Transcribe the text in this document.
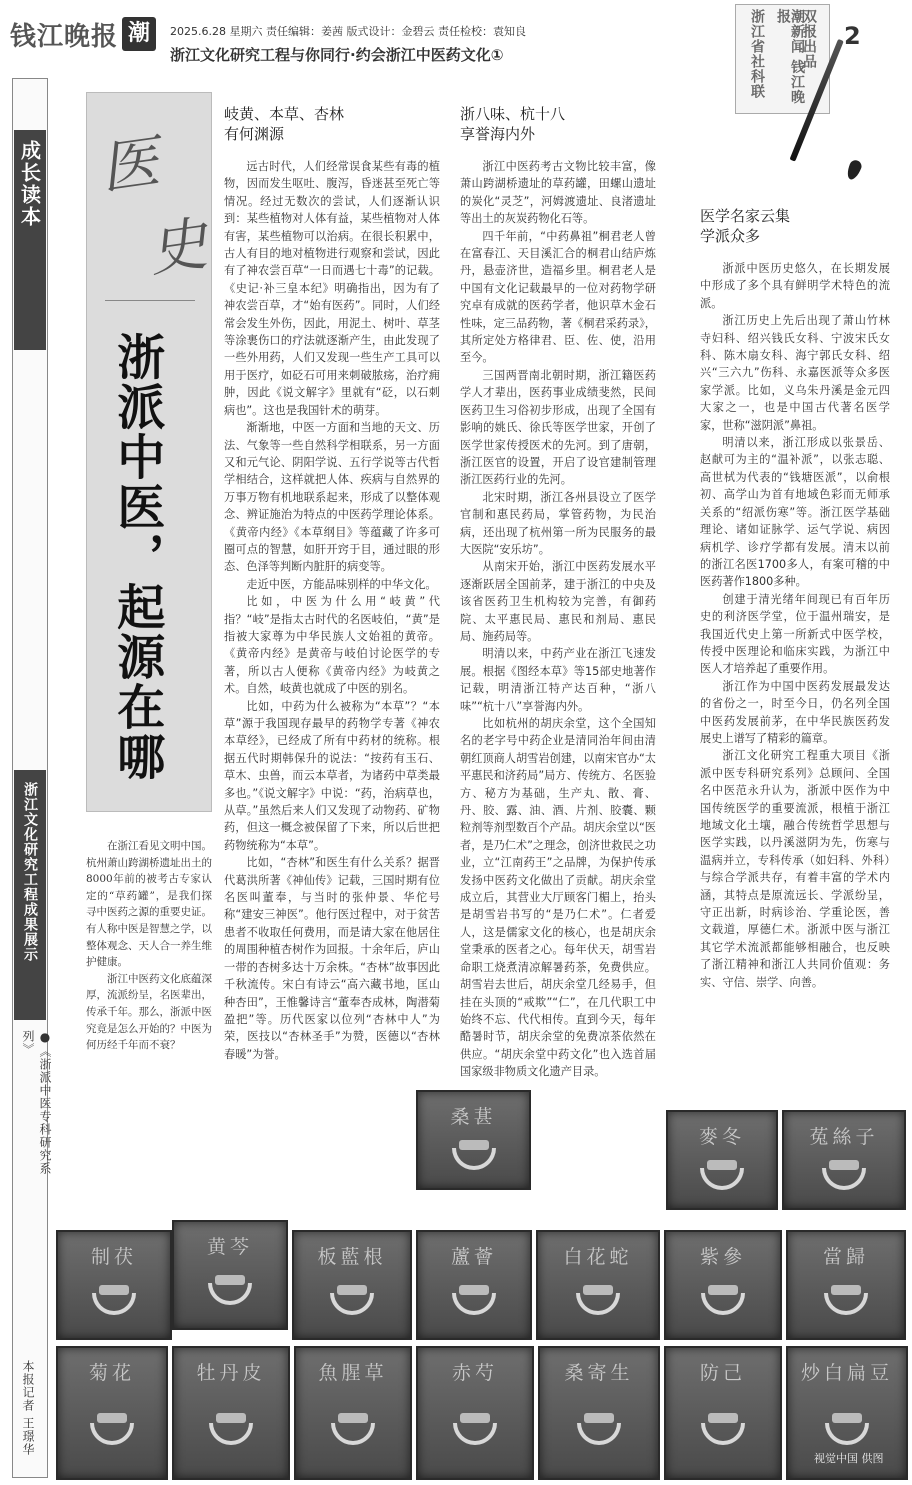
钱江晚报 潮	2025.6.28 星期六 责任编辑：姜茜 版式设计：金碧云 责任检校：袁知良
浙江文化研究工程与你同行·约会浙江中医药文化①	双报出品
潮新闻 钱江晚报
浙江省社科联	2
成长读本
浙江文化研究工程成果展示
●《浙派中医专科研究系列》
本报记者 王璟华
医
史
浙派中医，起源在哪

在浙江看见文明中国。杭州萧山跨湖桥遗址出土的8000年前的被考古专家认定的“草药罐”，是我们探寻中医药之源的重要史证。有人称中医是智慧之学，以整体观念、天人合一养生维护健康。

浙江中医药文化底蕴深厚，流派纷呈，名医辈出，传承千年。那么，浙派中医究竟是怎么开始的？中医为何历经千年而不衰？

岐黄、本草、杏林
有何渊源

远古时代，人们经常误食某些有毒的植物，因而发生呕吐、腹泻，昏迷甚至死亡等情况。经过无数次的尝试，人们逐渐认识到：某些植物对人体有益，某些植物对人体有害，某些植物可以治病。在很长积累中，古人有目的地对植物进行观察和尝试，因此有了神农尝百草“一日而遇七十毒”的记载。《史记·补三皇本纪》明确指出，因为有了神农尝百草，才“始有医药”。同时，人们经常会发生外伤，因此，用泥土、树叶、草茎等涂裹伤口的疗法就逐渐产生，由此发现了一些外用药，人们又发现一些生产工具可以用于医疗，如砭石可用来刺破脓疡，治疗痈肿，因此《说文解字》里就有“砭，以石刺病也”。这也是我国针术的萌芽。

渐渐地，中医一方面和当地的天文、历法、气象等一些自然科学相联系，另一方面又和元气论、阴阳学说、五行学说等古代哲学相结合，这样就把人体、疾病与自然界的万事万物有机地联系起来，形成了以整体观念、辨证施治为特点的中医药学理论体系。《黄帝内经》《本草纲目》等蕴藏了许多可圈可点的智慧，如肝开窍于目，通过眼的形态、色泽等判断内脏肝的病变等。

走近中医，方能品味别样的中华文化。

比如，中医为什么用“岐黄”代指？“岐”是指太古时代的名医岐伯，“黄”是指被大家尊为中华民族人文始祖的黄帝。《黄帝内经》是黄帝与岐伯讨论医学的专著，所以古人便称《黄帝内经》为岐黄之术。自然，岐黄也就成了中医的别名。

比如，中药为什么被称为“本草”？“本草”源于我国现存最早的药物学专著《神农本草经》，已经成了所有中药材的统称。根据五代时期韩保升的说法：“按药有玉石、草木、虫兽，而云本草者，为诸药中草类最多也。”《说文解字》中说：“药，治病草也，从草。”虽然后来人们又发现了动物药、矿物药，但这一概念被保留了下来，所以后世把药物统称为“本草”。

比如，“杏林”和医生有什么关系？据晋代葛洪所著《神仙传》记载，三国时期有位名医叫董奉，与当时的张仲景、华佗号称“建安三神医”。他行医过程中，对于贫苦患者不收取任何费用，而是请大家在他居住的周围种植杏树作为回报。十余年后，庐山一带的杏树多达十万余株。“杏林”故事因此千秋流传。宋白有诗云“高六藏书地，匡山种杏田”，王惟馨诗言“董奉杏成林，陶潜菊盈把”等。历代医家以位列“杏林中人”为荣，医技以“杏林圣手”为赞，医德以“杏林春暖”为誉。

浙八味、杭十八
享誉海内外

浙江中医药考古文物比较丰富，像萧山跨湖桥遗址的草药罐，田螺山遗址的炭化“灵芝”，河姆渡遗址、良渚遗址等出土的灰炭药物化石等。

四千年前，“中药鼻祖”桐君老人曾在富春江、天目溪汇合的桐君山结庐炼丹，悬壶济世，造福乡里。桐君老人是中国有文化记载最早的一位对药物学研究卓有成就的医药学者，他识草木金石性味，定三品药物，著《桐君采药录》，其所定处方格律君、臣、佐、使，沿用至今。

三国两晋南北朝时期，浙江籍医药学人才辈出，医药事业成绩斐然，民间医药卫生习俗初步形成，出现了全国有影响的姚氏、徐氏等医学世家，开创了医学世家传授医术的先河。到了唐朝，浙江医官的设置，开启了设官建制管理浙江医药行业的先河。

北宋时期，浙江各州县设立了医学官制和惠民药局，掌管药物，为民治病，还出现了杭州第一所为民服务的最大医院“安乐坊”。

从南宋开始，浙江中医药发展水平逐渐跃居全国前茅，建于浙江的中央及该省医药卫生机构较为完善，有御药院、太平惠民局、惠民和剂局、惠民局、施药局等。

明清以来，中药产业在浙江飞速发展。根据《图经本草》等15部史地著作记载，明清浙江特产达百种，“浙八味”“杭十八”享誉海内外。

比如杭州的胡庆余堂，这个全国知名的老字号中药企业是清同治年间由清朝红顶商人胡雪岩创建，以南宋官办“太平惠民和济药局”局方、传统方、名医验方、秘方为基础，生产丸、散、膏、丹、胶、露、油、酒、片剂、胶囊、颗粒剂等剂型数百个产品。胡庆余堂以“医者，是乃仁术”之理念，创济世救民之功业，立“江南药王”之品牌，为保护传承发扬中医药文化做出了贡献。胡庆余堂成立后，其营业大厅顾客门楣上，抬头是胡雪岩书写的“是乃仁术”。仁者爱人，这是儒家文化的核心，也是胡庆余堂秉承的医者之心。每年伏天，胡雪岩命职工烧煮清凉解暑药茶，免费供应。胡雪岩去世后，胡庆余堂几经易手，但挂在头顶的“戒欺”“仁”，在几代职工中始终不忘、代代相传。直到今天，每年酷暑时节，胡庆余堂的免费凉茶依然在供应。“胡庆余堂中药文化”也入选首届国家级非物质文化遗产目录。

医学名家云集
学派众多

浙派中医历史悠久，在长期发展中形成了多个具有鲜明学术特色的流派。

浙江历史上先后出现了萧山竹林寺妇科、绍兴钱氏女科、宁波宋氏女科、陈木扇女科、海宁郭氏女科、绍兴“三六九”伤科、永嘉医派等众多医家学派。比如，义乌朱丹溪是金元四大家之一，也是中国古代著名医学家，世称“滋阴派”鼻祖。

明清以来，浙江形成以张景岳、赵献可为主的“温补派”，以张志聪、高世栻为代表的“钱塘医派”，以俞根初、高学山为首有地域色彩而无师承关系的“绍派伤寒”等。浙江医学基础理论、诸如证脉学、运气学说、病因病机学、诊疗学都有发展。清末以前的浙江名医1700多人，有案可稽的中医药著作1800多种。

创建于清光绪年间现已有百年历史的利济医学堂，位于温州瑞安，是我国近代史上第一所新式中医学校，传授中医理论和临床实践，为浙江中医人才培养起了重要作用。

浙江作为中国中医药发展最发达的省份之一，时至今日，仍名列全国中医药发展前茅，在中华民族医药发展史上谱写了精彩的篇章。

浙江文化研究工程重大项目《浙派中医专科研究系列》总顾问、全国名中医范永升认为，浙派中医作为中国传统医学的重要流派，根植于浙江地域文化土壤，融合传统哲学思想与医学实践，以丹溪滋阴为先，伤寒与温病并立，专科传承（如妇科、外科）与综合学派共存，有着丰富的学术内涵，其特点是原流远长、学派纷呈，守正出新，时病诊治、学重论医，善文载道，厚德仁术。浙派中医与浙江其它学术流派都能够相融合，也反映了浙江精神和浙江人共同价值观：务实、守信、崇学、向善。

桑葚
麥冬	菟絲子
制茯	黄芩	板藍根	蘆薈	白花蛇	紫參	當歸
菊花	牡丹皮	魚腥草	赤芍	桑寄生	防己	炒白扁豆
视觉中国 供图
